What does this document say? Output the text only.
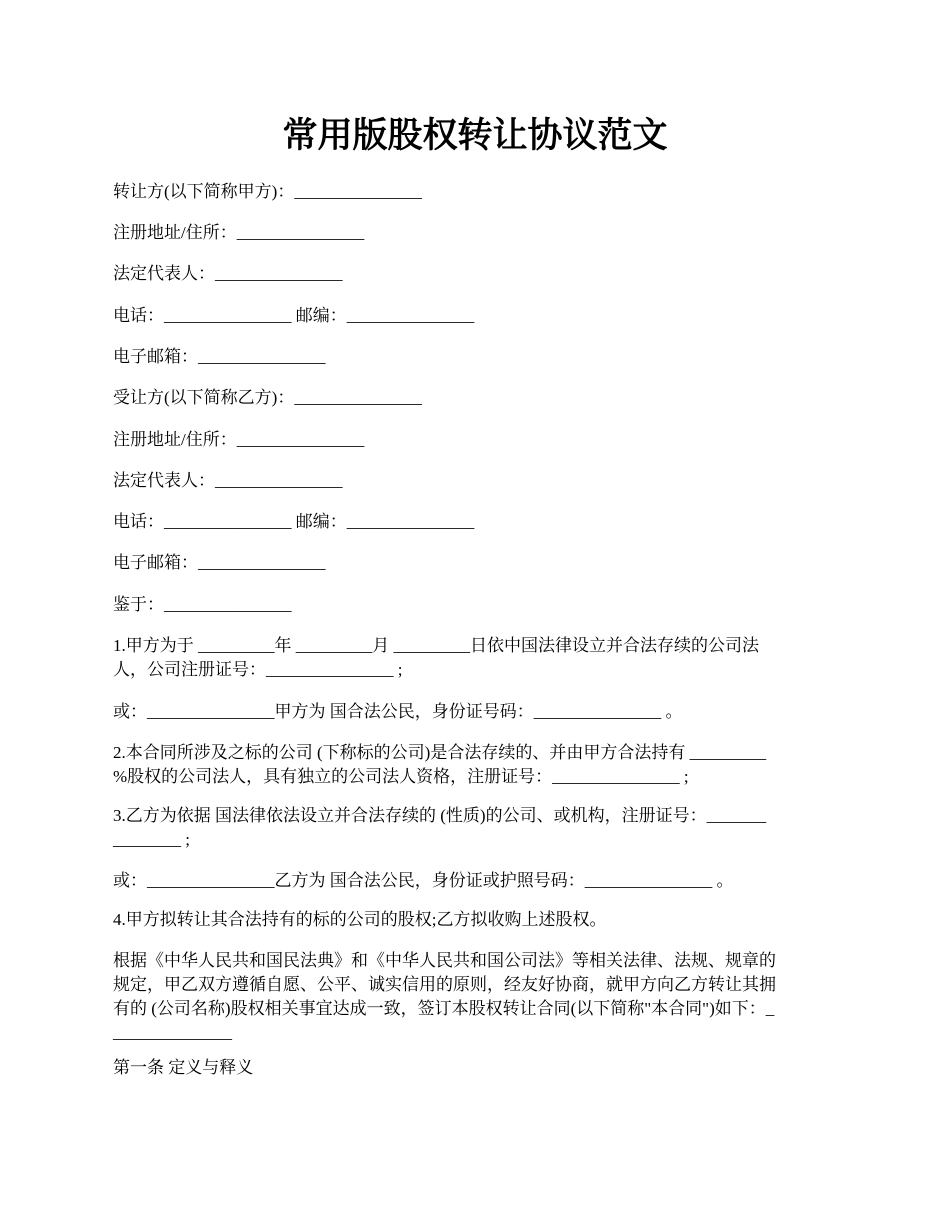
常用版股权转让协议范文
转让方(以下简称甲方)：_______________
注册地址/住所：_______________
法定代表人：_______________
电话：_______________ 邮编：_______________
电子邮箱：_______________
受让方(以下简称乙方)：_______________
注册地址/住所：_______________
法定代表人：_______________
电话：_______________ 邮编：_______________
电子邮箱：_______________
鉴于：_______________
1.甲方为于 _________年 _________月 _________日依中国法律设立并合法存续的公司法
人，公司注册证号：_______________ ;
或：_______________甲方为 国合法公民，身份证号码：_______________ 。
2.本合同所涉及之标的公司 (下称标的公司)是合法存续的、并由甲方合法持有 _________
%股权的公司法人，具有独立的公司法人资格，注册证号：_______________ ;
3.乙方为依据 国法律依法设立并合法存续的 (性质)的公司、或机构，注册证号：_______
________ ;
或：_______________乙方为 国合法公民，身份证或护照号码：_______________ 。
4.甲方拟转让其合法持有的标的公司的股权;乙方拟收购上述股权。
根据《中华人民共和国民法典》和《中华人民共和国公司法》等相关法律、法规、规章的
规定，甲乙双方遵循自愿、公平、诚实信用的原则，经友好协商，就甲方向乙方转让其拥
有的 (公司名称)股权相关事宜达成一致，签订本股权转让合同(以下简称"本合同")如下：_
______________
第一条 定义与释义
